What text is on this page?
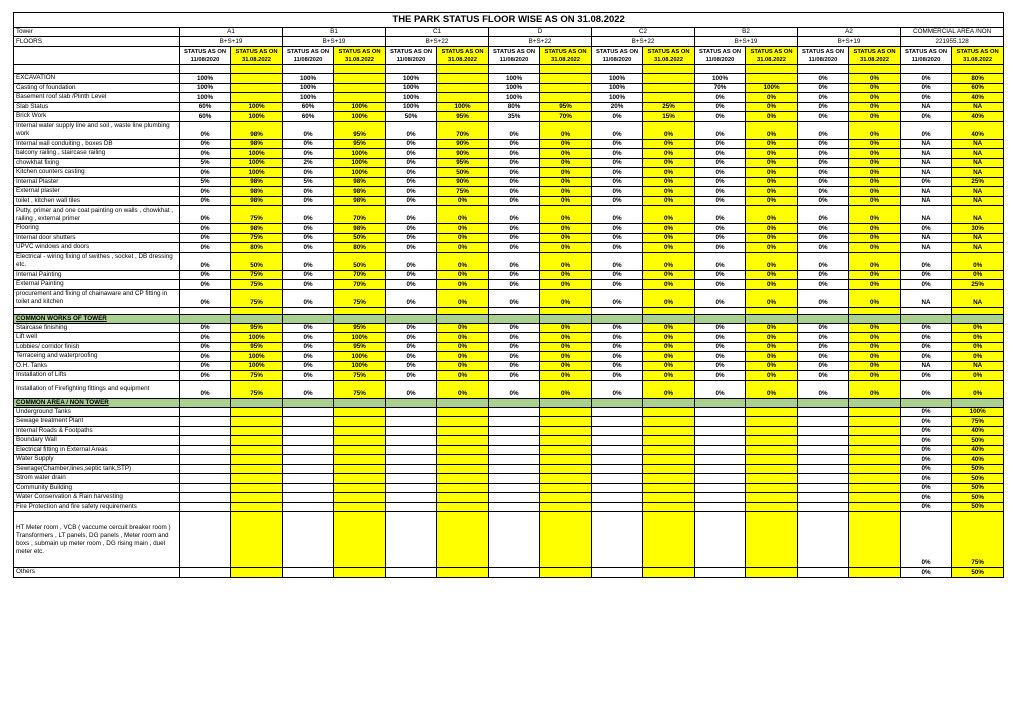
THE PARK STATUS FLOOR WISE AS ON 31.08.2022																
Tower	A1		B1		C1		D		C2		B2		A2		COMMERCIAL AREA /NON	
FLOORS	B+S+19		B+S+19		B+S+22		B+S+22		B+S+22		B+S+19		B+S+19		221955.128	
	STATUS AS ON 11/08/2020	STATUS AS ON 31.08.2022	STATUS AS ON 11/08/2020	STATUS AS ON 31.08.2022	STATUS AS ON 11/08/2020	STATUS AS ON 31.08.2022	STATUS AS ON 11/08/2020	STATUS AS ON 31.08.2022	STATUS AS ON 11/08/2020	STATUS AS ON 31.08.2022	STATUS AS ON 11/08/2020	STATUS AS ON 31.08.2022	STATUS AS ON 11/08/2020	STATUS AS ON 31.08.2022	STATUS AS ON 11/08/2020	STATUS AS ON 31.08.2022

EXCAVATION	100%		100%		100%		100%		100%		100%		0%	0%	0%	80%
Casting of foundation	100%		100%		100%		100%		100%		70%	100%	0%	0%	0%	60%
Basement roof slab /Plinth Level	100%		100%		100%		100%		100%		0%	0%	0%	0%	0%	40%
Slab Status	60%	100%	60%	100%	100%	100%	80%	95%	20%	25%	0%	0%	0%	0%	NA	NA
Brick Work	60%	100%	60%	100%	50%	95%	35%	70%	0%	15%	0%	0%	0%	0%	0%	40%
Internal water supply line and soil , waste line plumbing work	0%	98%	0%	95%	0%	70%	0%	0%	0%	0%	0%	0%	0%	0%	0%	40%
Internal wall conduiting , boxes DB	0%	98%	0%	95%	0%	90%	0%	0%	0%	0%	0%	0%	0%	0%	NA	NA
balcony railing , staircase railing	0%	100%	0%	100%	0%	90%	0%	0%	0%	0%	0%	0%	0%	0%	NA	NA
chowkhat fixing	5%	100%	2%	100%	0%	95%	0%	0%	0%	0%	0%	0%	0%	0%	NA	NA
Kitchen counters casting	0%	100%	0%	100%	0%	50%	0%	0%	0%	0%	0%	0%	0%	0%	NA	NA
Internal Plaster	5%	98%	5%	98%	0%	90%	0%	0%	0%	0%	0%	0%	0%	0%	0%	25%
External plaster	0%	98%	0%	98%	0%	75%	0%	0%	0%	0%	0%	0%	0%	0%	NA	NA
toilet , kitchen wall tiles	0%	98%	0%	98%	0%	0%	0%	0%	0%	0%	0%	0%	0%	0%	NA	NA
Putty, primer and one coat painting on walls , chowkhat , railing , external primer	0%	75%	0%	70%	0%	0%	0%	0%	0%	0%	0%	0%	0%	0%	NA	NA
Flooring	0%	98%	0%	98%	0%	0%	0%	0%	0%	0%	0%	0%	0%	0%	0%	30%
Internal door shutters	0%	75%	0%	50%	0%	0%	0%	0%	0%	0%	0%	0%	0%	0%	NA	NA
UPVC windows and doors	0%	80%	0%	80%	0%	0%	0%	0%	0%	0%	0%	0%	0%	0%	NA	NA
Electrical - wiring fixing of swithes , socket , DB dressing etc.	0%	50%	0%	50%	0%	0%	0%	0%	0%	0%	0%	0%	0%	0%	0%	0%
Internal Painting	0%	75%	0%	70%	0%	0%	0%	0%	0%	0%	0%	0%	0%	0%	0%	0%
External Painting	0%	75%	0%	70%	0%	0%	0%	0%	0%	0%	0%	0%	0%	0%	0%	25%
procurement and fixing of chainaware and CP fitting in toilet and kitchen	0%	75%	0%	75%	0%	0%	0%	0%	0%	0%	0%	0%	0%	0%	NA	NA

COMMON WORKS OF TOWER																
Staircase finishing	0%	95%	0%	95%	0%	0%	0%	0%	0%	0%	0%	0%	0%	0%	0%	0%
Lift well	0%	100%	0%	100%	0%	0%	0%	0%	0%	0%	0%	0%	0%	0%	0%	0%
Lobbies/ corridor finish	0%	95%	0%	95%	0%	0%	0%	0%	0%	0%	0%	0%	0%	0%	0%	0%
Terraceing and waterproofing	0%	100%	0%	100%	0%	0%	0%	0%	0%	0%	0%	0%	0%	0%	0%	0%
O.H. Tanks	0%	100%	0%	100%	0%	0%	0%	0%	0%	0%	0%	0%	0%	0%	NA	NA
Installation of Lifts	0%	75%	0%	75%	0%	0%	0%	0%	0%	0%	0%	0%	0%	0%	0%	0%
Installation of Firefighting fittings and equipment	0%	75%	0%	75%	0%	0%	0%	0%	0%	0%	0%	0%	0%	0%	0%	0%
COMMON AREA / NON TOWER																
Underground Tanks															0%	100%
Sewage treatment Plant															0%	75%
Internal Roads & Footpaths															0%	40%
Boundary Wall															0%	50%
Electrical fitting in External Areas															0%	40%
Water Supply															0%	40%
Sewrage(Chamber,lines,septic tank,STP)															0%	50%
Strom water drain															0%	50%
Community Building															0%	50%
Water Conservation & Rain harvesting															0%	50%
Fire Protection and fire safety requirements															0%	50%
HT Meter room , VCB ( vaccume cercuit breaker room ) Transformers , LT panels, DG panels , Meter room and boxs , submain up meter room , DG rising main , duel meter etc.															0%	75%
Others															0%	50%
